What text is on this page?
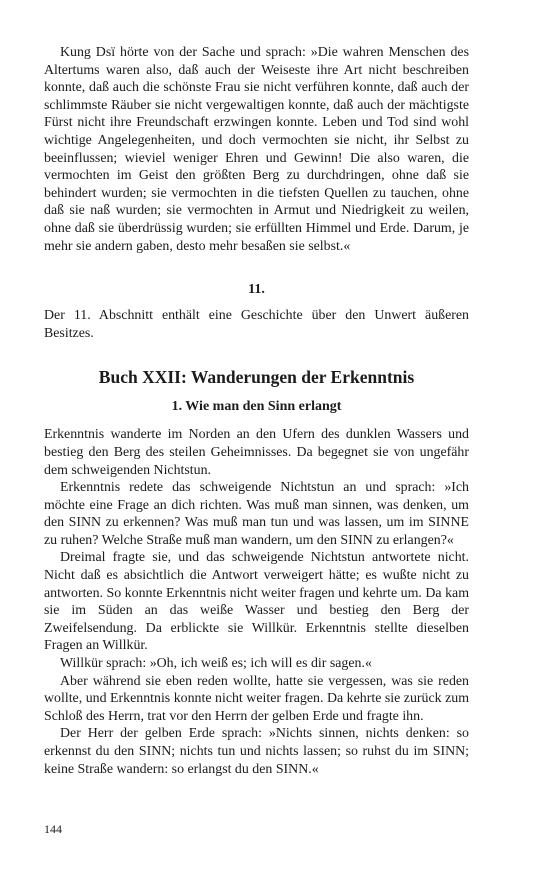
Kung Dsï hörte von der Sache und sprach: »Die wahren Menschen des Altertums waren also, daß auch der Weiseste ihre Art nicht beschreiben konnte, daß auch die schönste Frau sie nicht verführen konnte, daß auch der schlimmste Räuber sie nicht vergewaltigen konnte, daß auch der mächtigste Fürst nicht ihre Freundschaft erzwingen konnte. Leben und Tod sind wohl wichtige Angelegenheiten, und doch vermochten sie nicht, ihr Selbst zu beeinflussen; wieviel weniger Ehren und Gewinn! Die also waren, die vermochten im Geist den größten Berg zu durchdringen, ohne daß sie behindert wurden; sie vermochten in die tiefsten Quellen zu tauchen, ohne daß sie naß wurden; sie vermochten in Armut und Niedrigkeit zu weilen, ohne daß sie überdrüssig wurden; sie erfüllten Himmel und Erde. Darum, je mehr sie andern gaben, desto mehr besaßen sie selbst.«

11.

Der 11. Abschnitt enthält eine Geschichte über den Unwert äußeren Besitzes.

Buch XXII: Wanderungen der Erkenntnis
1. Wie man den Sinn erlangt

Erkenntnis wanderte im Norden an den Ufern des dunklen Wassers und bestieg den Berg des steilen Geheimnisses. Da begegnet sie von ungefähr dem schweigenden Nichtstun.

Erkenntnis redete das schweigende Nichtstun an und sprach: »Ich möchte eine Frage an dich richten. Was muß man sinnen, was denken, um den SINN zu erkennen? Was muß man tun und was lassen, um im SINNE zu ruhen? Welche Straße muß man wandern, um den SINN zu erlangen?«

Dreimal fragte sie, und das schweigende Nichtstun antwortete nicht. Nicht daß es absichtlich die Antwort verweigert hätte; es wußte nicht zu antworten. So konnte Erkenntnis nicht weiter fragen und kehrte um. Da kam sie im Süden an das weiße Wasser und bestieg den Berg der Zweifelsendung. Da erblickte sie Willkür. Erkenntnis stellte dieselben Fragen an Willkür.

Willkür sprach: »Oh, ich weiß es; ich will es dir sagen.«

Aber während sie eben reden wollte, hatte sie vergessen, was sie reden wollte, und Erkenntnis konnte nicht weiter fragen. Da kehrte sie zurück zum Schloß des Herrn, trat vor den Herrn der gelben Erde und fragte ihn.

Der Herr der gelben Erde sprach: »Nichts sinnen, nichts denken: so erkennst du den SINN; nichts tun und nichts lassen; so ruhst du im SINN; keine Straße wandern: so erlangst du den SINN.«

144
